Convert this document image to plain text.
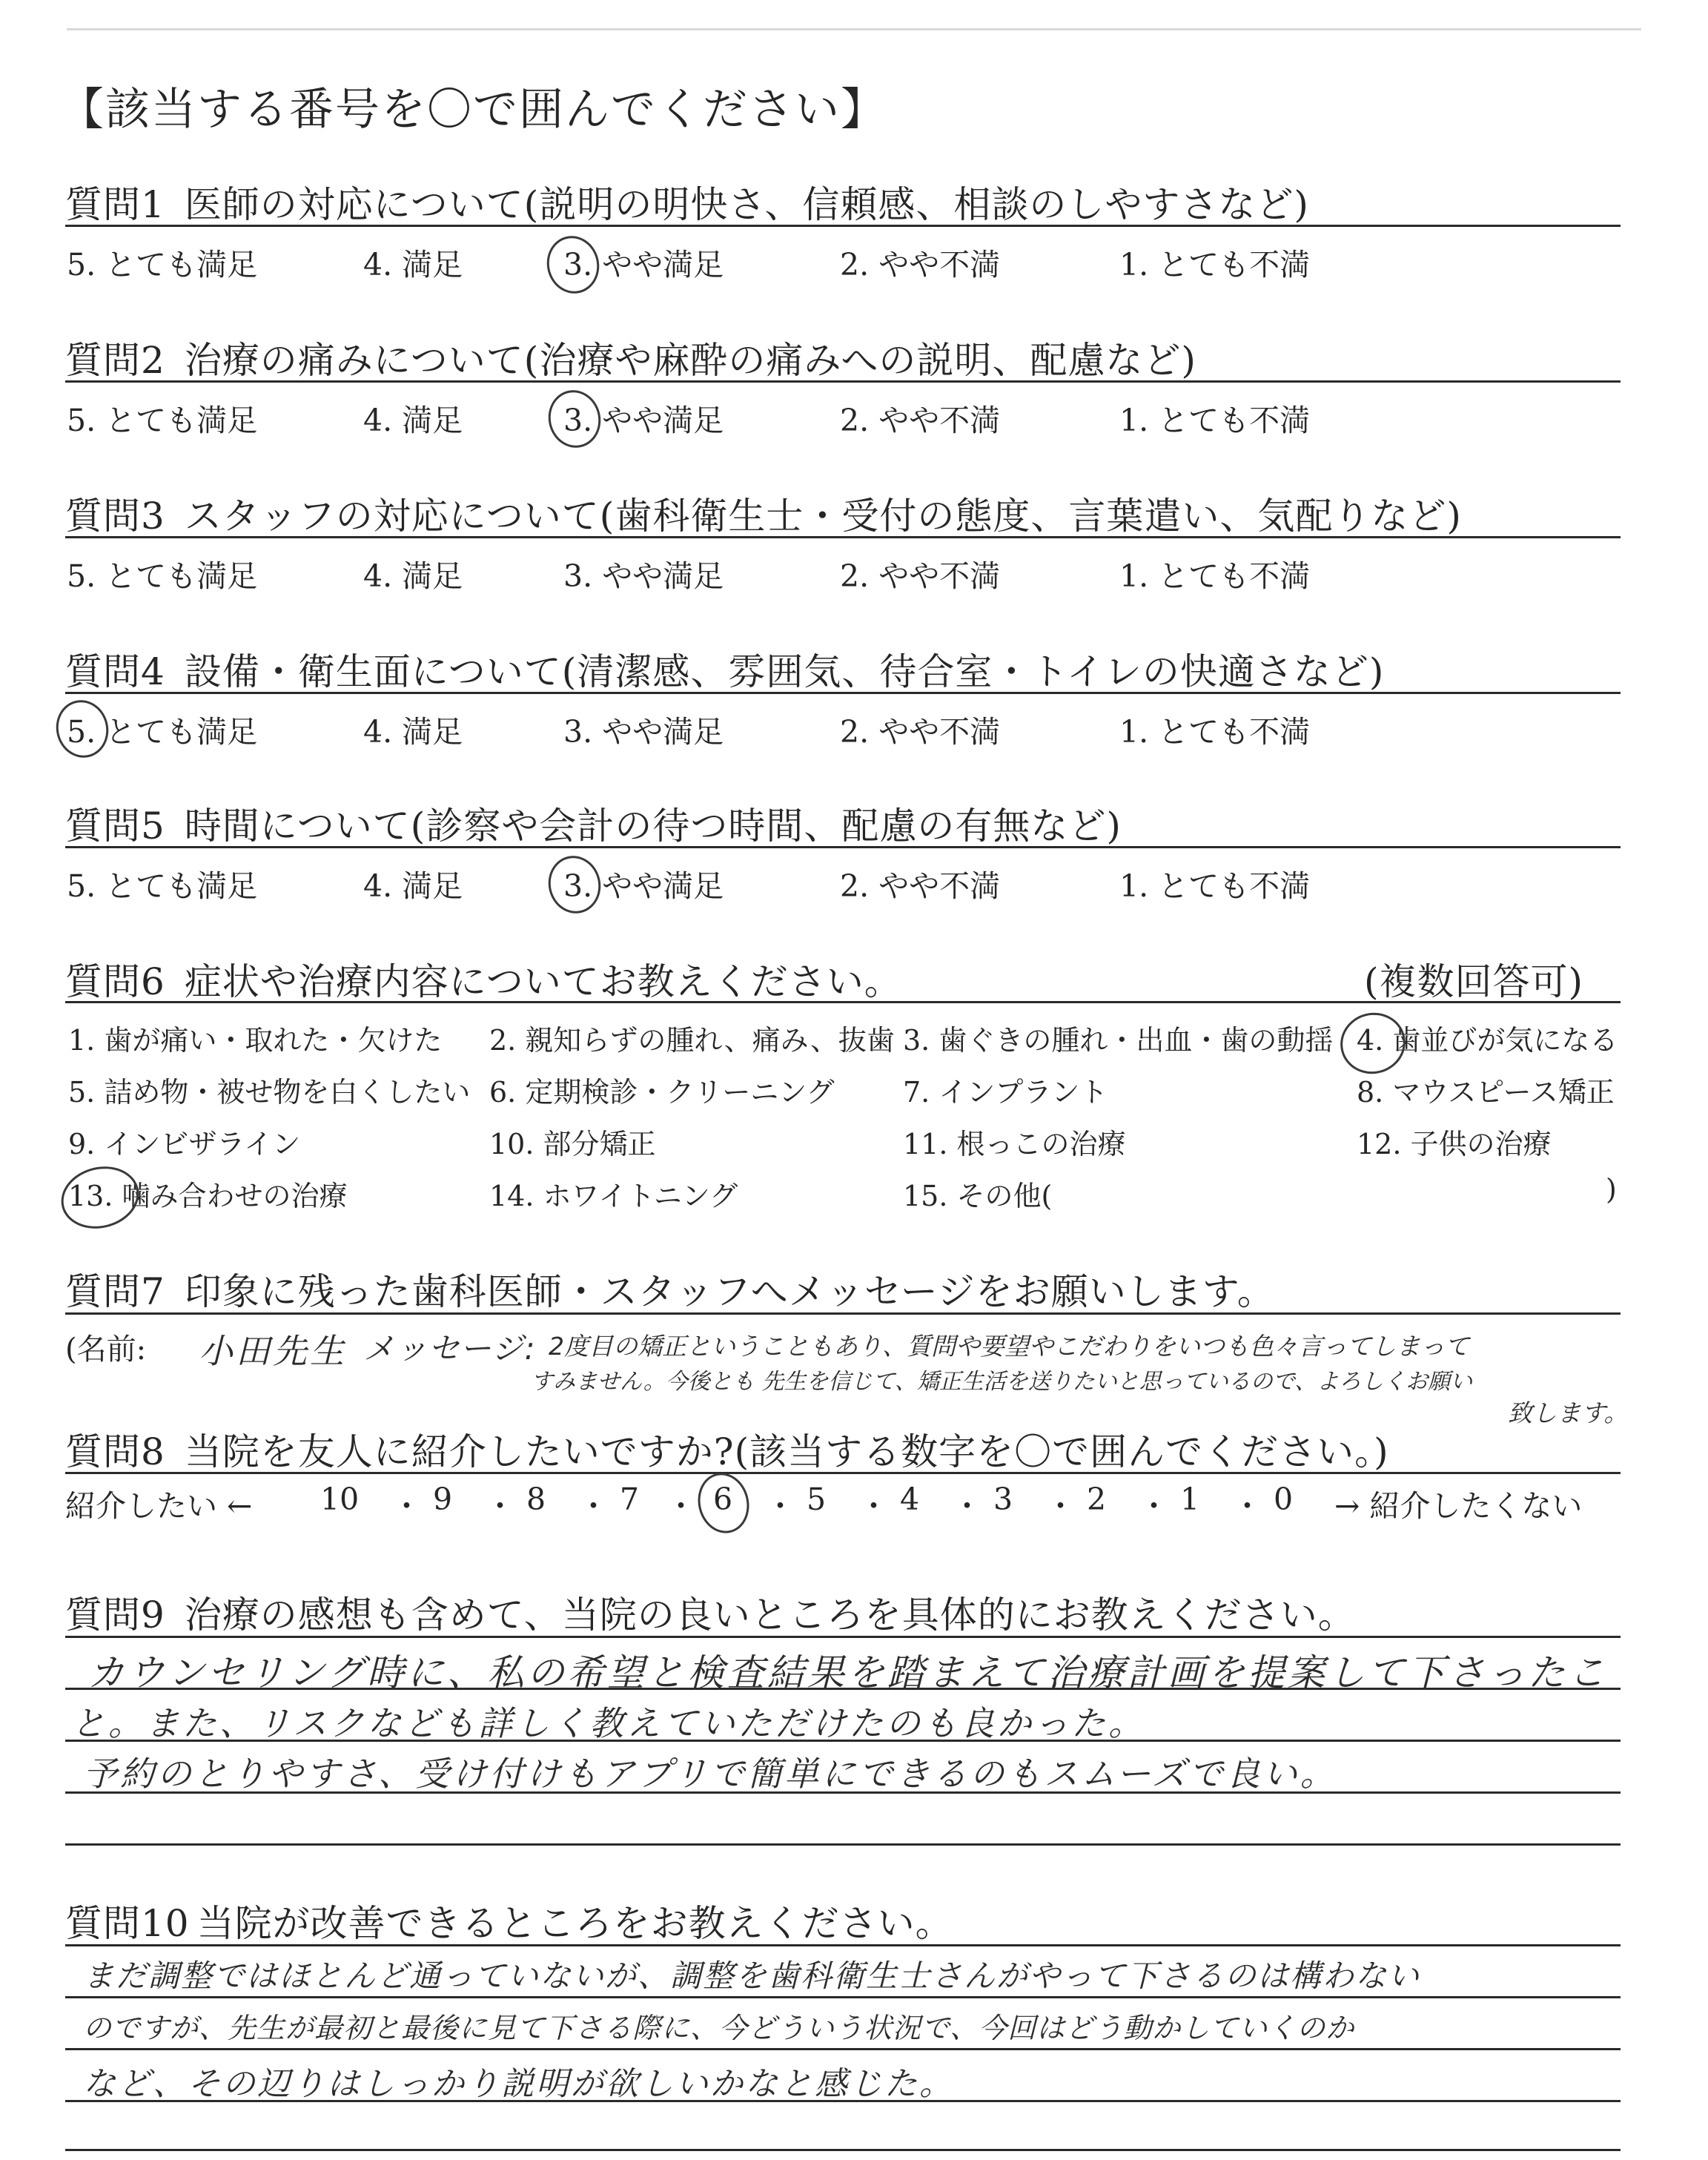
【該当する番号を〇で囲んでください】
質問1 医師の対応について(説明の明快さ、信頼感、相談のしやすさなど)
5. とても満足	4. 満足	3. やや満足	2. やや不満	1. とても不満
質問2 治療の痛みについて(治療や麻酔の痛みへの説明、配慮など)
5. とても満足	4. 満足	3. やや満足	2. やや不満	1. とても不満
質問3 スタッフの対応について(歯科衛生士・受付の態度、言葉遣い、気配りなど)
5. とても満足	4. 満足	3. やや満足	2. やや不満	1. とても不満
質問4 設備・衛生面について(清潔感、雰囲気、待合室・トイレの快適さなど)
5. とても満足	4. 満足	3. やや満足	2. やや不満	1. とても不満
質問5 時間について(診察や会計の待つ時間、配慮の有無など)
5. とても満足	4. 満足	3. やや満足	2. やや不満	1. とても不満
質問6 症状や治療内容についてお教えください。	(複数回答可)
1. 歯が痛い・取れた・欠けた 2. 親知らずの腫れ、痛み、抜歯 3. 歯ぐきの腫れ・出血・歯の動揺 4. 歯並びが気になる
5. 詰め物・被せ物を白くしたい 6. 定期検診・クリーニング 7. インプラント	8. マウスピース矯正
9. インビザライン	10. 部分矯正	11. 根っこの治療	12. 子供の治療
13. 噛み合わせの治療	14. ホワイトニング	15. その他(	)
質問7 印象に残った歯科医師・スタッフへメッセージをお願いします。
(名前: 小田先生 メッセージ: 2度目の矯正ということもあり、質問や要望やこだわりをいつも色々言ってしまって
すみません。今後とも 先生を信じて、矯正生活を送りたいと思っているので、よろしくお願い
致します。
質問8 当院を友人に紹介したいですか?(該当する数字を〇で囲んでください。)
紹介したい ← 10 ・ 9 ・ 8 ・ 7 ・ 6 ・ 5 ・ 4 ・ 3 ・ 2 ・ 1 ・ 0 → 紹介したくない
質問9 治療の感想も含めて、当院の良いところを具体的にお教えください。
カウンセリング時に、私の希望と検査結果を踏まえて治療計画を提案して下さったこ
と。また、リスクなども詳しく教えていただけたのも良かった。
予約のとりやすさ、受け付けもアプリで簡単にできるのもスムーズで良い。
質問10 当院が改善できるところをお教えください。
まだ調整ではほとんど通っていないが、調整を歯科衛生士さんがやって下さるのは構わない
のですが、先生が最初と最後に見て下さる際に、今どういう状況で、今回はどう動かしていくのか
など、その辺りはしっかり説明が欲しいかなと感じた。
